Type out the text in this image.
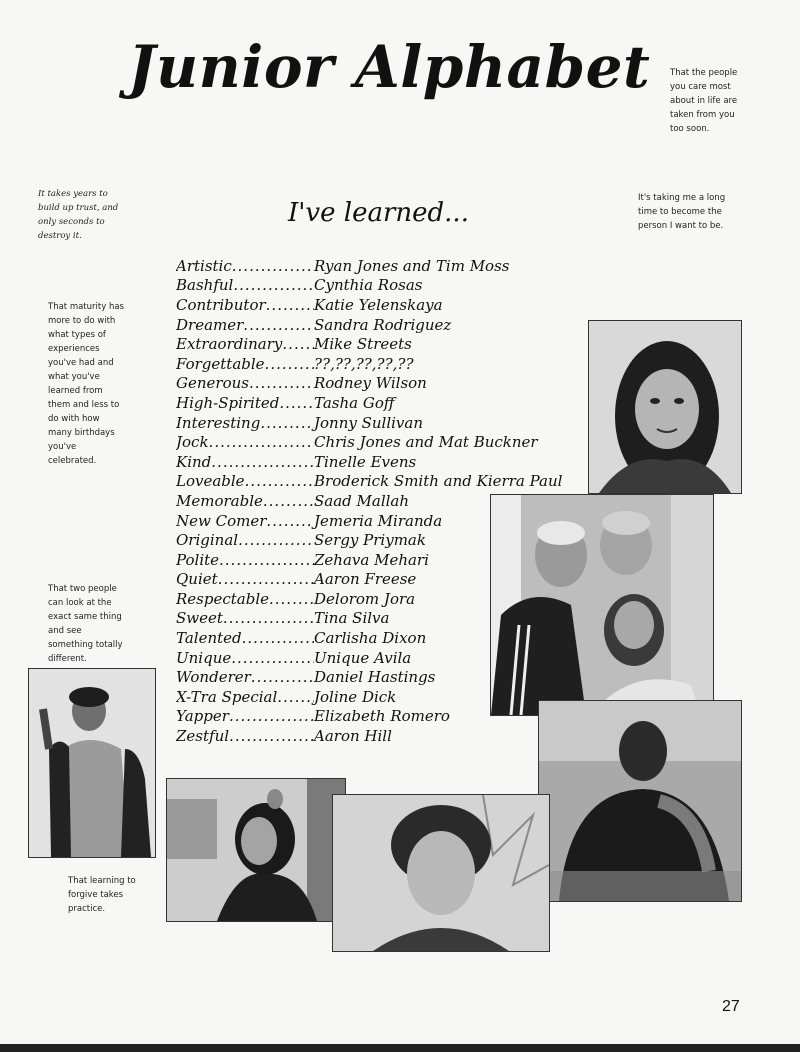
Junior Alphabet
I've learned...
That the people you care most about in life are taken from you too soon.
It takes years to build up trust, and only seconds to destroy it.
It's taking me a long time to become the person I want to be.
That maturity has more to do with what types of experiences you've had and what you've learned from them and less to do with how many birthdays you've celebrated.
That two people can look at the exact same thing and see something totally different.
That learning to forgive takes practice.
Artistic .....	Ryan Jones and Tim Moss
Bashful .....	Cynthia Rosas
Contributor .....	Katie Yelenskaya
Dreamer .....	Sandra Rodriguez
Extraordinary ..... Mike Streets
Forgettable .....	??,??,??,??,??
Generous .....	Rodney Wilson
High-Spirited ..... Tasha Goff
Interesting .....	Jonny Sullivan
Jock .....	Chris Jones and Mat Buckner
Kind .....	Tinelle Evens
Loveable .....	Broderick Smith and Kierra Paul
Memorable .....	Saad Mallah
New Comer .....	Jemeria Miranda
Original .....	Sergy Priymak
Polite .....	Zehava Mehari
Quiet .....	Aaron Freese
Respectable .....	Delorom Jora
Sweet .....	Tina Silva
Talented .....	Carlisha Dixon
Unique .....	Unique Avila
Wonderer .....	Daniel Hastings
X-Tra Special ..... Joline Dick
Yapper .....	Elizabeth Romero
Zestful .....	Aaron Hill
27
